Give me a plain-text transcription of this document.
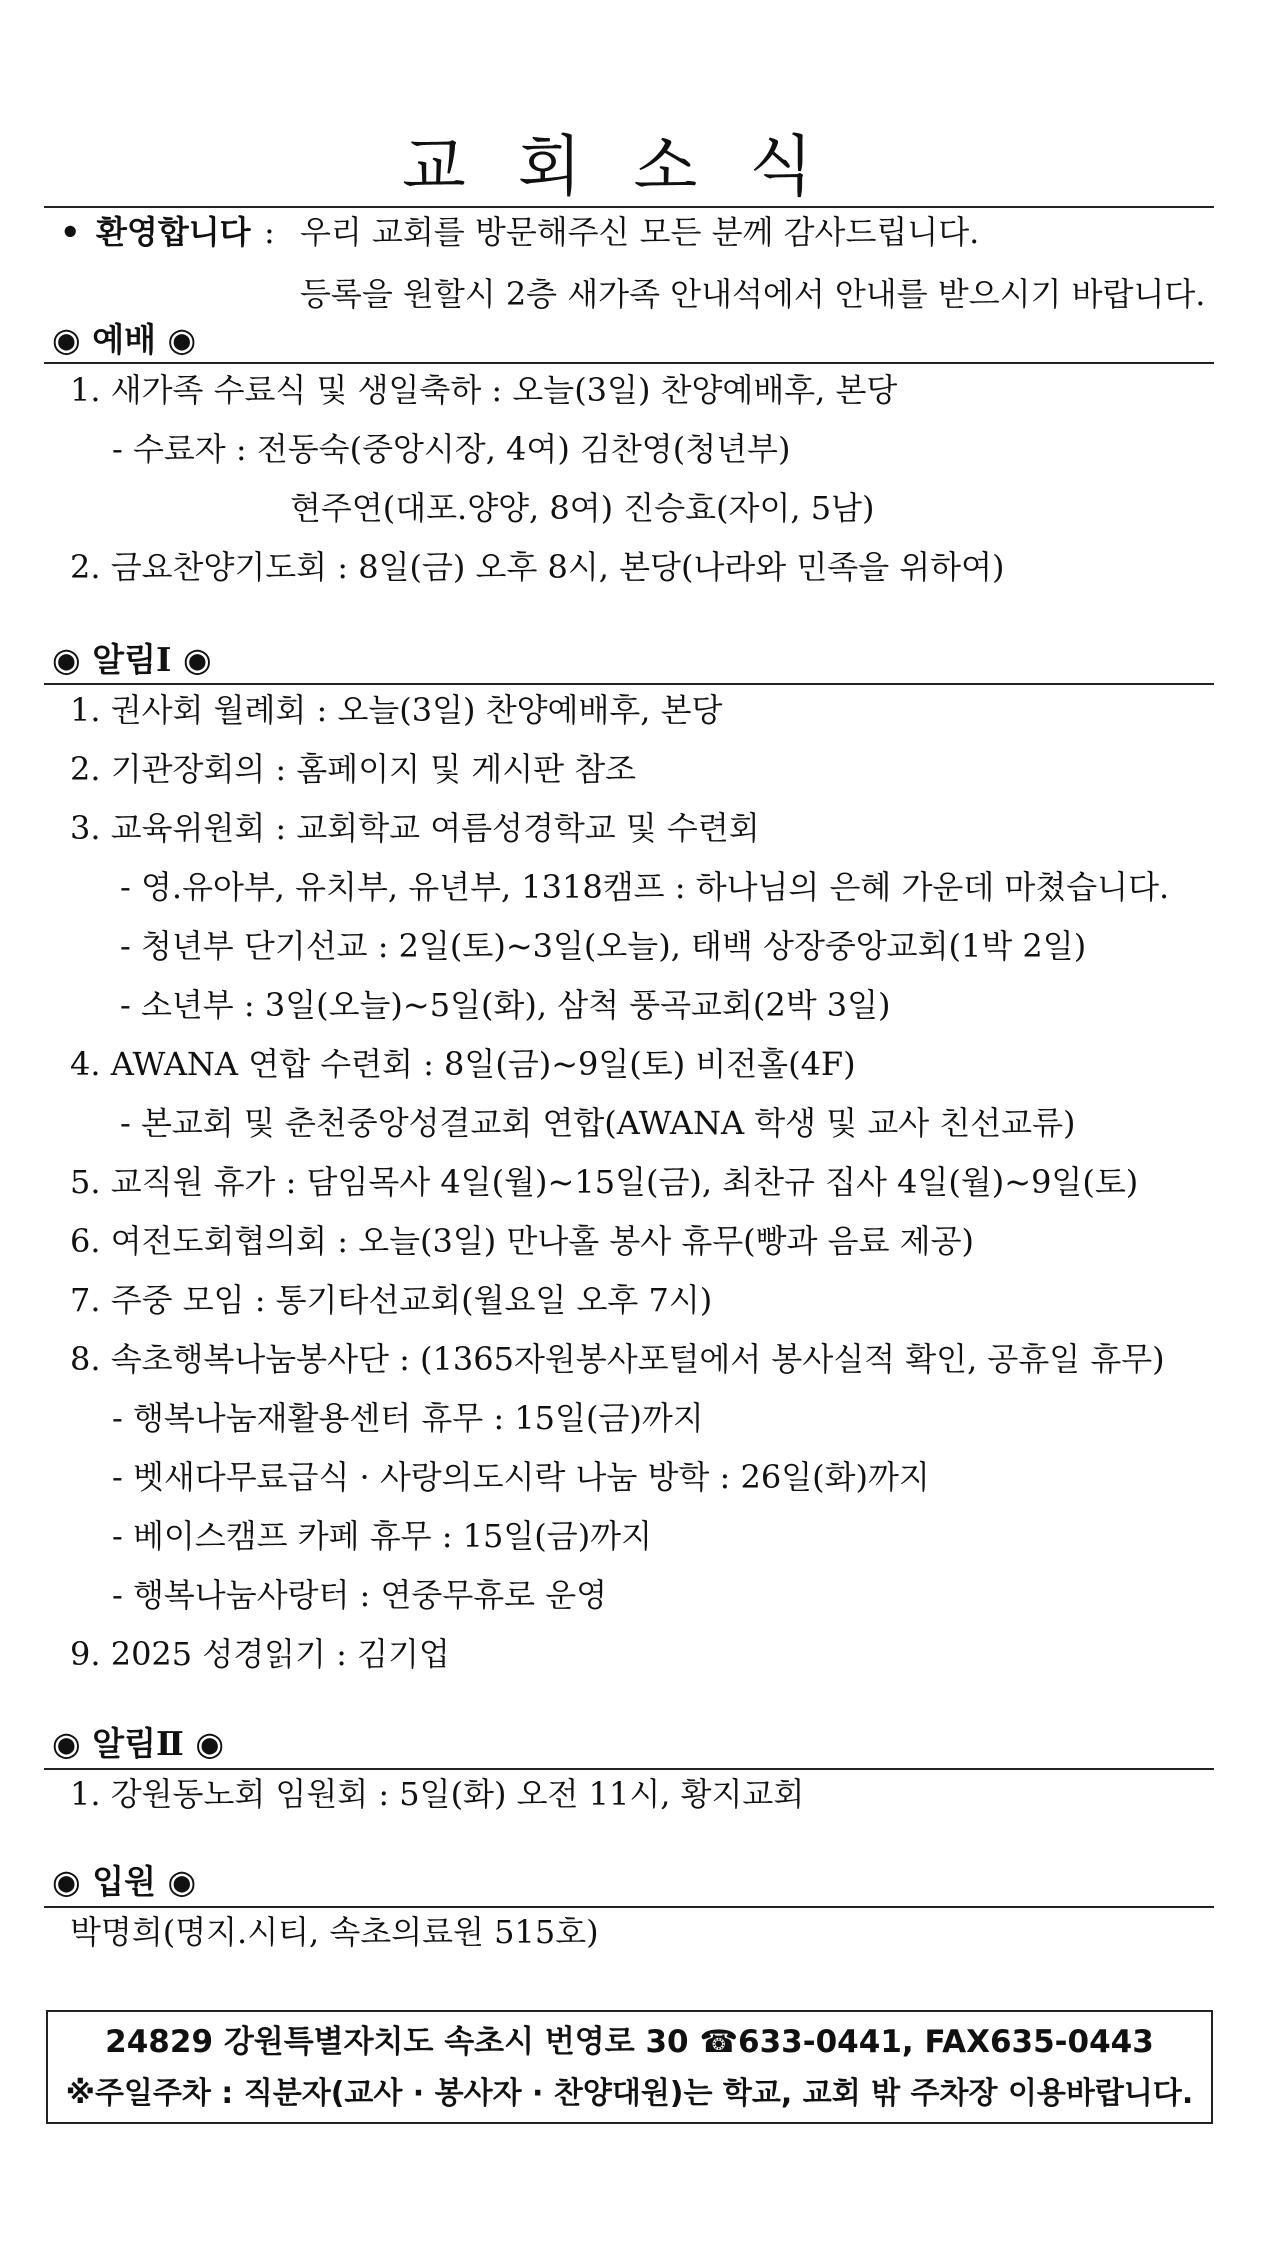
교회소식
• 환영합니다 : 우리 교회를 방문해주신 모든 분께 감사드립니다.
등록을 원할시 2층 새가족 안내석에서 안내를 받으시기 바랍니다.
◉ 예배 ◉
1. 새가족 수료식 및 생일축하 : 오늘(3일) 찬양예배후, 본당
- 수료자 : 전동숙(중앙시장, 4여) 김찬영(청년부)
현주연(대포.양양, 8여) 진승효(자이, 5남)
2. 금요찬양기도회 : 8일(금) 오후 8시, 본당(나라와 민족을 위하여)
◉ 알림Ⅰ ◉
1. 권사회 월례회 : 오늘(3일) 찬양예배후, 본당
2. 기관장회의 : 홈페이지 및 게시판 참조
3. 교육위원회 : 교회학교 여름성경학교 및 수련회
- 영.유아부, 유치부, 유년부, 1318캠프 : 하나님의 은혜 가운데 마쳤습니다.
- 청년부 단기선교 : 2일(토)~3일(오늘), 태백 상장중앙교회(1박 2일)
- 소년부 : 3일(오늘)~5일(화), 삼척 풍곡교회(2박 3일)
4. AWANA 연합 수련회 : 8일(금)~9일(토) 비전홀(4F)
- 본교회 및 춘천중앙성결교회 연합(AWANA 학생 및 교사 친선교류)
5. 교직원 휴가 : 담임목사 4일(월)~15일(금), 최찬규 집사 4일(월)~9일(토)
6. 여전도회협의회 : 오늘(3일) 만나홀 봉사 휴무(빵과 음료 제공)
7. 주중 모임 : 통기타선교회(월요일 오후 7시)
8. 속초행복나눔봉사단 : (1365자원봉사포털에서 봉사실적 확인, 공휴일 휴무)
- 행복나눔재활용센터 휴무 : 15일(금)까지
- 벳새다무료급식 · 사랑의도시락 나눔 방학 : 26일(화)까지
- 베이스캠프 카페 휴무 : 15일(금)까지
- 행복나눔사랑터 : 연중무휴로 운영
9. 2025 성경읽기 : 김기업
◉ 알림Ⅱ ◉
1. 강원동노회 임원회 : 5일(화) 오전 11시, 황지교회
◉ 입원 ◉
박명희(명지.시티, 속초의료원 515호)
24829 강원특별자치도 속초시 번영로 30 ☎633-0441, FAX635-0443
※주일주차 : 직분자(교사 · 봉사자 · 찬양대원)는 학교, 교회 밖 주차장 이용바랍니다.
